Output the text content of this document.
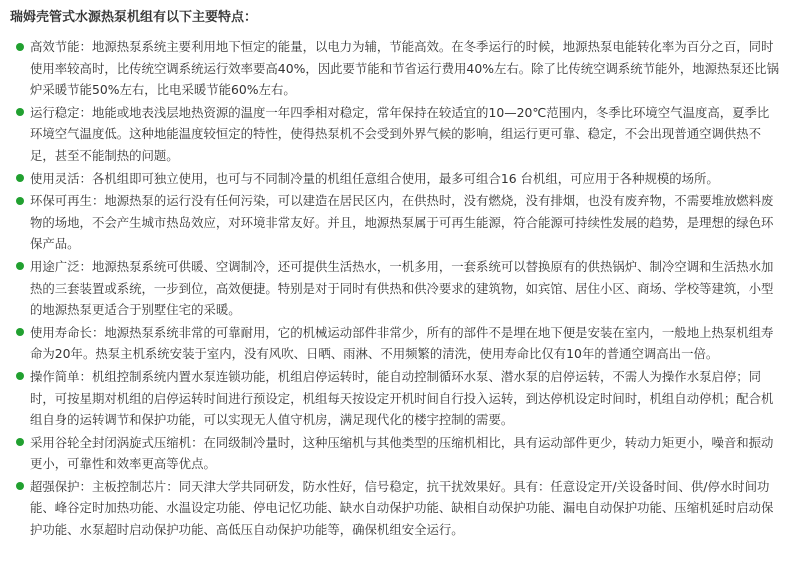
瑞姆壳管式水源热泵机组有以下主要特点：
高效节能：地源热泵系统主要利用地下恒定的能量，以电力为辅，节能高效。在冬季运行的时候，地源热泵电能转化率为百分之百，同时使用率较高时，比传统空调系统运行效率要高40%，因此要节能和节省运行费用40%左右。除了比传统空调系统节能外，地源热泵还比锅炉采暖节能50%左右，比电采暖节能60%左右。
运行稳定：地能或地表浅层地热资源的温度一年四季相对稳定，常年保持在较适宜的10—20℃范围内，冬季比环境空气温度高，夏季比环境空气温度低。这种地能温度较恒定的特性，使得热泵机不会受到外界气候的影响，组运行更可靠、稳定，不会出现普通空调供热不足，甚至不能制热的问题。
使用灵活：各机组即可独立使用，也可与不同制冷量的机组任意组合使用，最多可组合16 台机组，可应用于各种规模的场所。
环保可再生：地源热泵的运行没有任何污染，可以建造在居民区内，在供热时，没有燃烧，没有排烟，也没有废弃物，不需要堆放燃料废物的场地，不会产生城市热岛效应，对环境非常友好。并且，地源热泵属于可再生能源，符合能源可持续性发展的趋势，是理想的绿色环保产品。
用途广泛：地源热泵系统可供暖、空调制冷，还可提供生活热水，一机多用，一套系统可以替换原有的供热锅炉、制冷空调和生活热水加热的三套装置或系统，一步到位，高效便捷。特别是对于同时有供热和供冷要求的建筑物，如宾馆、居住小区、商场、学校等建筑，小型的地源热泵更适合于别墅住宅的采暖。
使用寿命长：地源热泵系统非常的可靠耐用，它的机械运动部件非常少，所有的部件不是埋在地下便是安装在室内，一般地上热泵机组寿命为20年。热泵主机系统安装于室内，没有风吹、日晒、雨淋、不用频繁的清洗，使用寿命比仅有10年的普通空调高出一倍。
操作简单：机组控制系统内置水泵连锁功能，机组启停运转时，能自动控制循环水泵、潜水泵的启停运转，不需人为操作水泵启停；同时，可按星期对机组的启停运转时间进行预设定，机组每天按设定开机时间自行投入运转，到达停机设定时间时，机组自动停机；配合机组自身的运转调节和保护功能，可以实现无人值守机房，满足现代化的楼宇控制的需要。
采用谷轮全封闭涡旋式压缩机：在同级制冷量时，这种压缩机与其他类型的压缩机相比，具有运动部件更少，转动力矩更小，噪音和振动更小，可靠性和效率更高等优点。
超强保护：主板控制芯片：同天津大学共同研发，防水性好，信号稳定，抗干扰效果好。具有：任意设定开/关设备时间、供/停水时间功能、峰谷定时加热功能、水温设定功能、停电记忆功能、缺水自动保护功能、缺相自动保护功能、漏电自动保护功能、压缩机延时启动保护功能、水泵超时启动保护功能、高低压自动保护功能等，确保机组安全运行。
